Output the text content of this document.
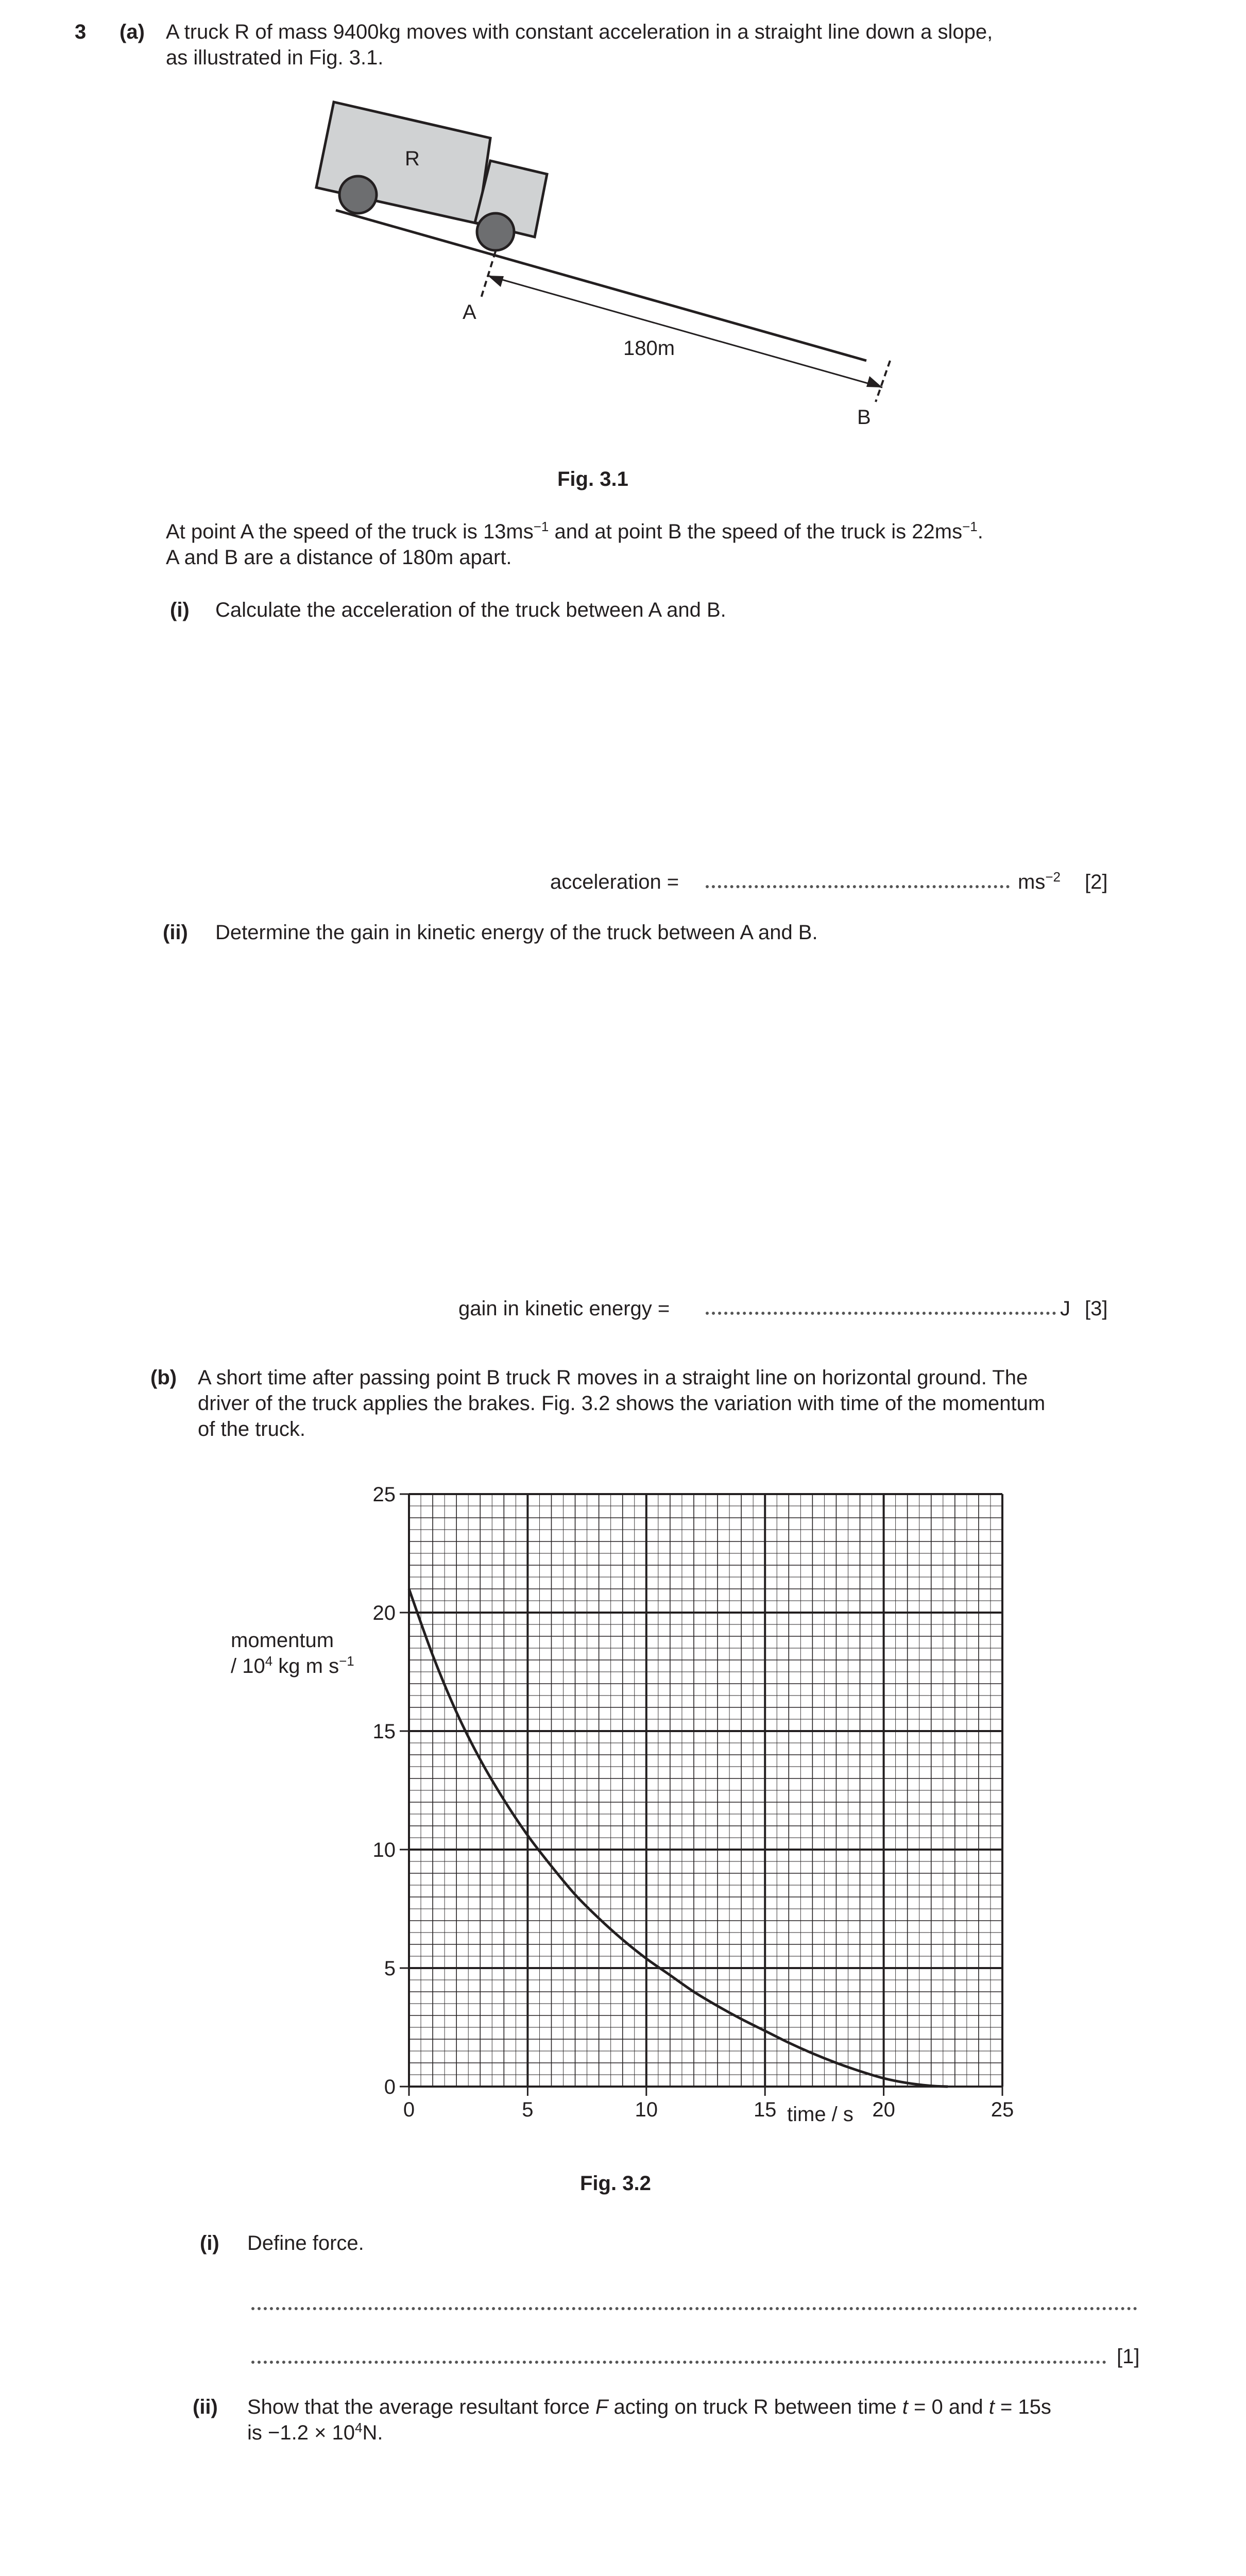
3 (a) A truck R of mass 9400kg moves with constant acceleration in a straight line down a slope,
as illustrated in Fig. 3.1.
R
A
180m
B
Fig. 3.1
At point A the speed of the truck is $13ms^{-1}$ and at point B the speed of the truck is $22ms^{-1}$.
A and B are a distance of 180m apart.
(i) Calculate the acceleration of the truck between A and B.
acceleration =	$ms^{-2}$ [2]
(ii) Determine the gain in kinetic energy of the truck between A and B.
gain in kinetic energy =	J [3]
(b) A short time after passing point B truck R moves in a straight line on horizontal ground. The
driver of the truck applies the brakes. Fig. 3.2 shows the variation with time of the momentum
of the truck.
0	5	10	15	20	25
0
5
10
15
20
25
momentum
/ $10^4$ kg m $s^{-1}$
time / s
Fig. 3.2
(i) Define force.
[1]
(ii) Show that the average resultant force F acting on truck R between time t = 0 and t = 15s
is $-1.2 \times 10^4N$.
